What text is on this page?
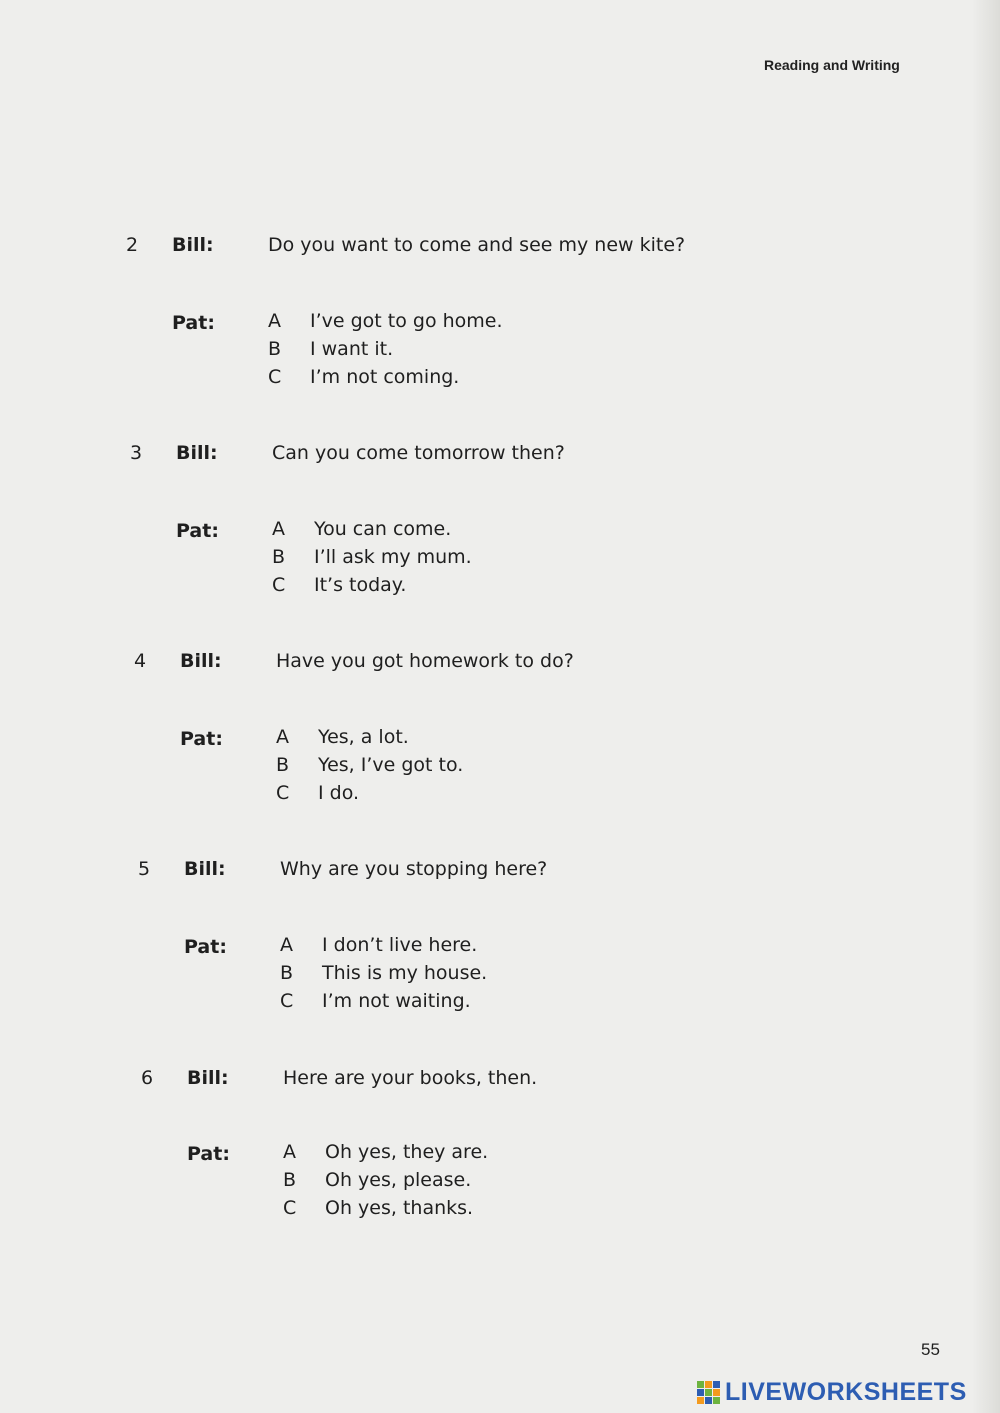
Reading and Writing
2 Bill:	Do you want to come and see my new kite?
Pat:	A I’ve got to go home.
B I want it.
C I’m not coming.
3 Bill:	Can you come tomorrow then?
Pat:	A You can come.
B I’ll ask my mum.
C It’s today.
4 Bill:	Have you got homework to do?
Pat:	A Yes, a lot.
B Yes, I’ve got to.
C I do.
5 Bill:	Why are you stopping here?
Pat:	A I don’t live here.
B This is my house.
C I’m not waiting.
6 Bill:	Here are your books, then.
Pat:	A Oh yes, they are.
B Oh yes, please.
C Oh yes, thanks.
55
LIVEWORKSHEETS
